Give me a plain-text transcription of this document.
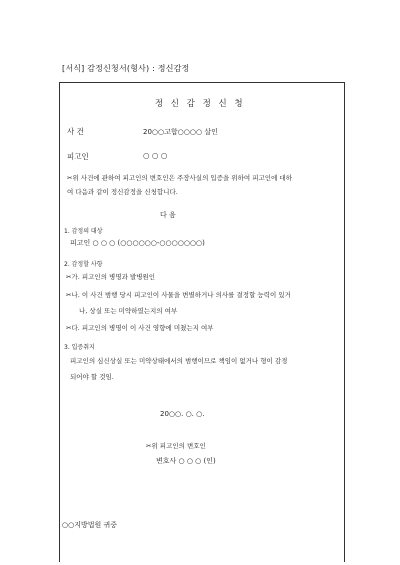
[서식] 감정신청서(형사) : 정신감정
정 신 감 정 신 청
사 건	20○○고합○○○○ 살인
피고인	○ ○ ○
✂위 사건에 관하여 피고인의 변호인은 주장사실의 입증을 위하여 피고인에 대하
여 다음과 같이 정신감정을 신청합니다.
다 음
1. 감정의 대상
피고인 ○ ○ ○ (○○○○○○-○○○○○○○)
2. 감정할 사항
✂가. 피고인의 병명과 발병원인
✂나. 이 사건 범행 당시 피고인이 사물을 변별하거나 의사를 결정할 능력이 있거
나, 상실 또는 미약하였는지의 여부
✂다. 피고인의 병명이 이 사건 영향에 미쳤는지 여부
3. 입증취지
피고인의 심신상실 또는 미약상태에서의 범행이므로 책임이 없거나 형이 감경
되어야 할 것임.
20○○. ○. ○.
✂위 피고인의 변호인
변호사 ○ ○ ○ (인)
○○지방법원 귀중
